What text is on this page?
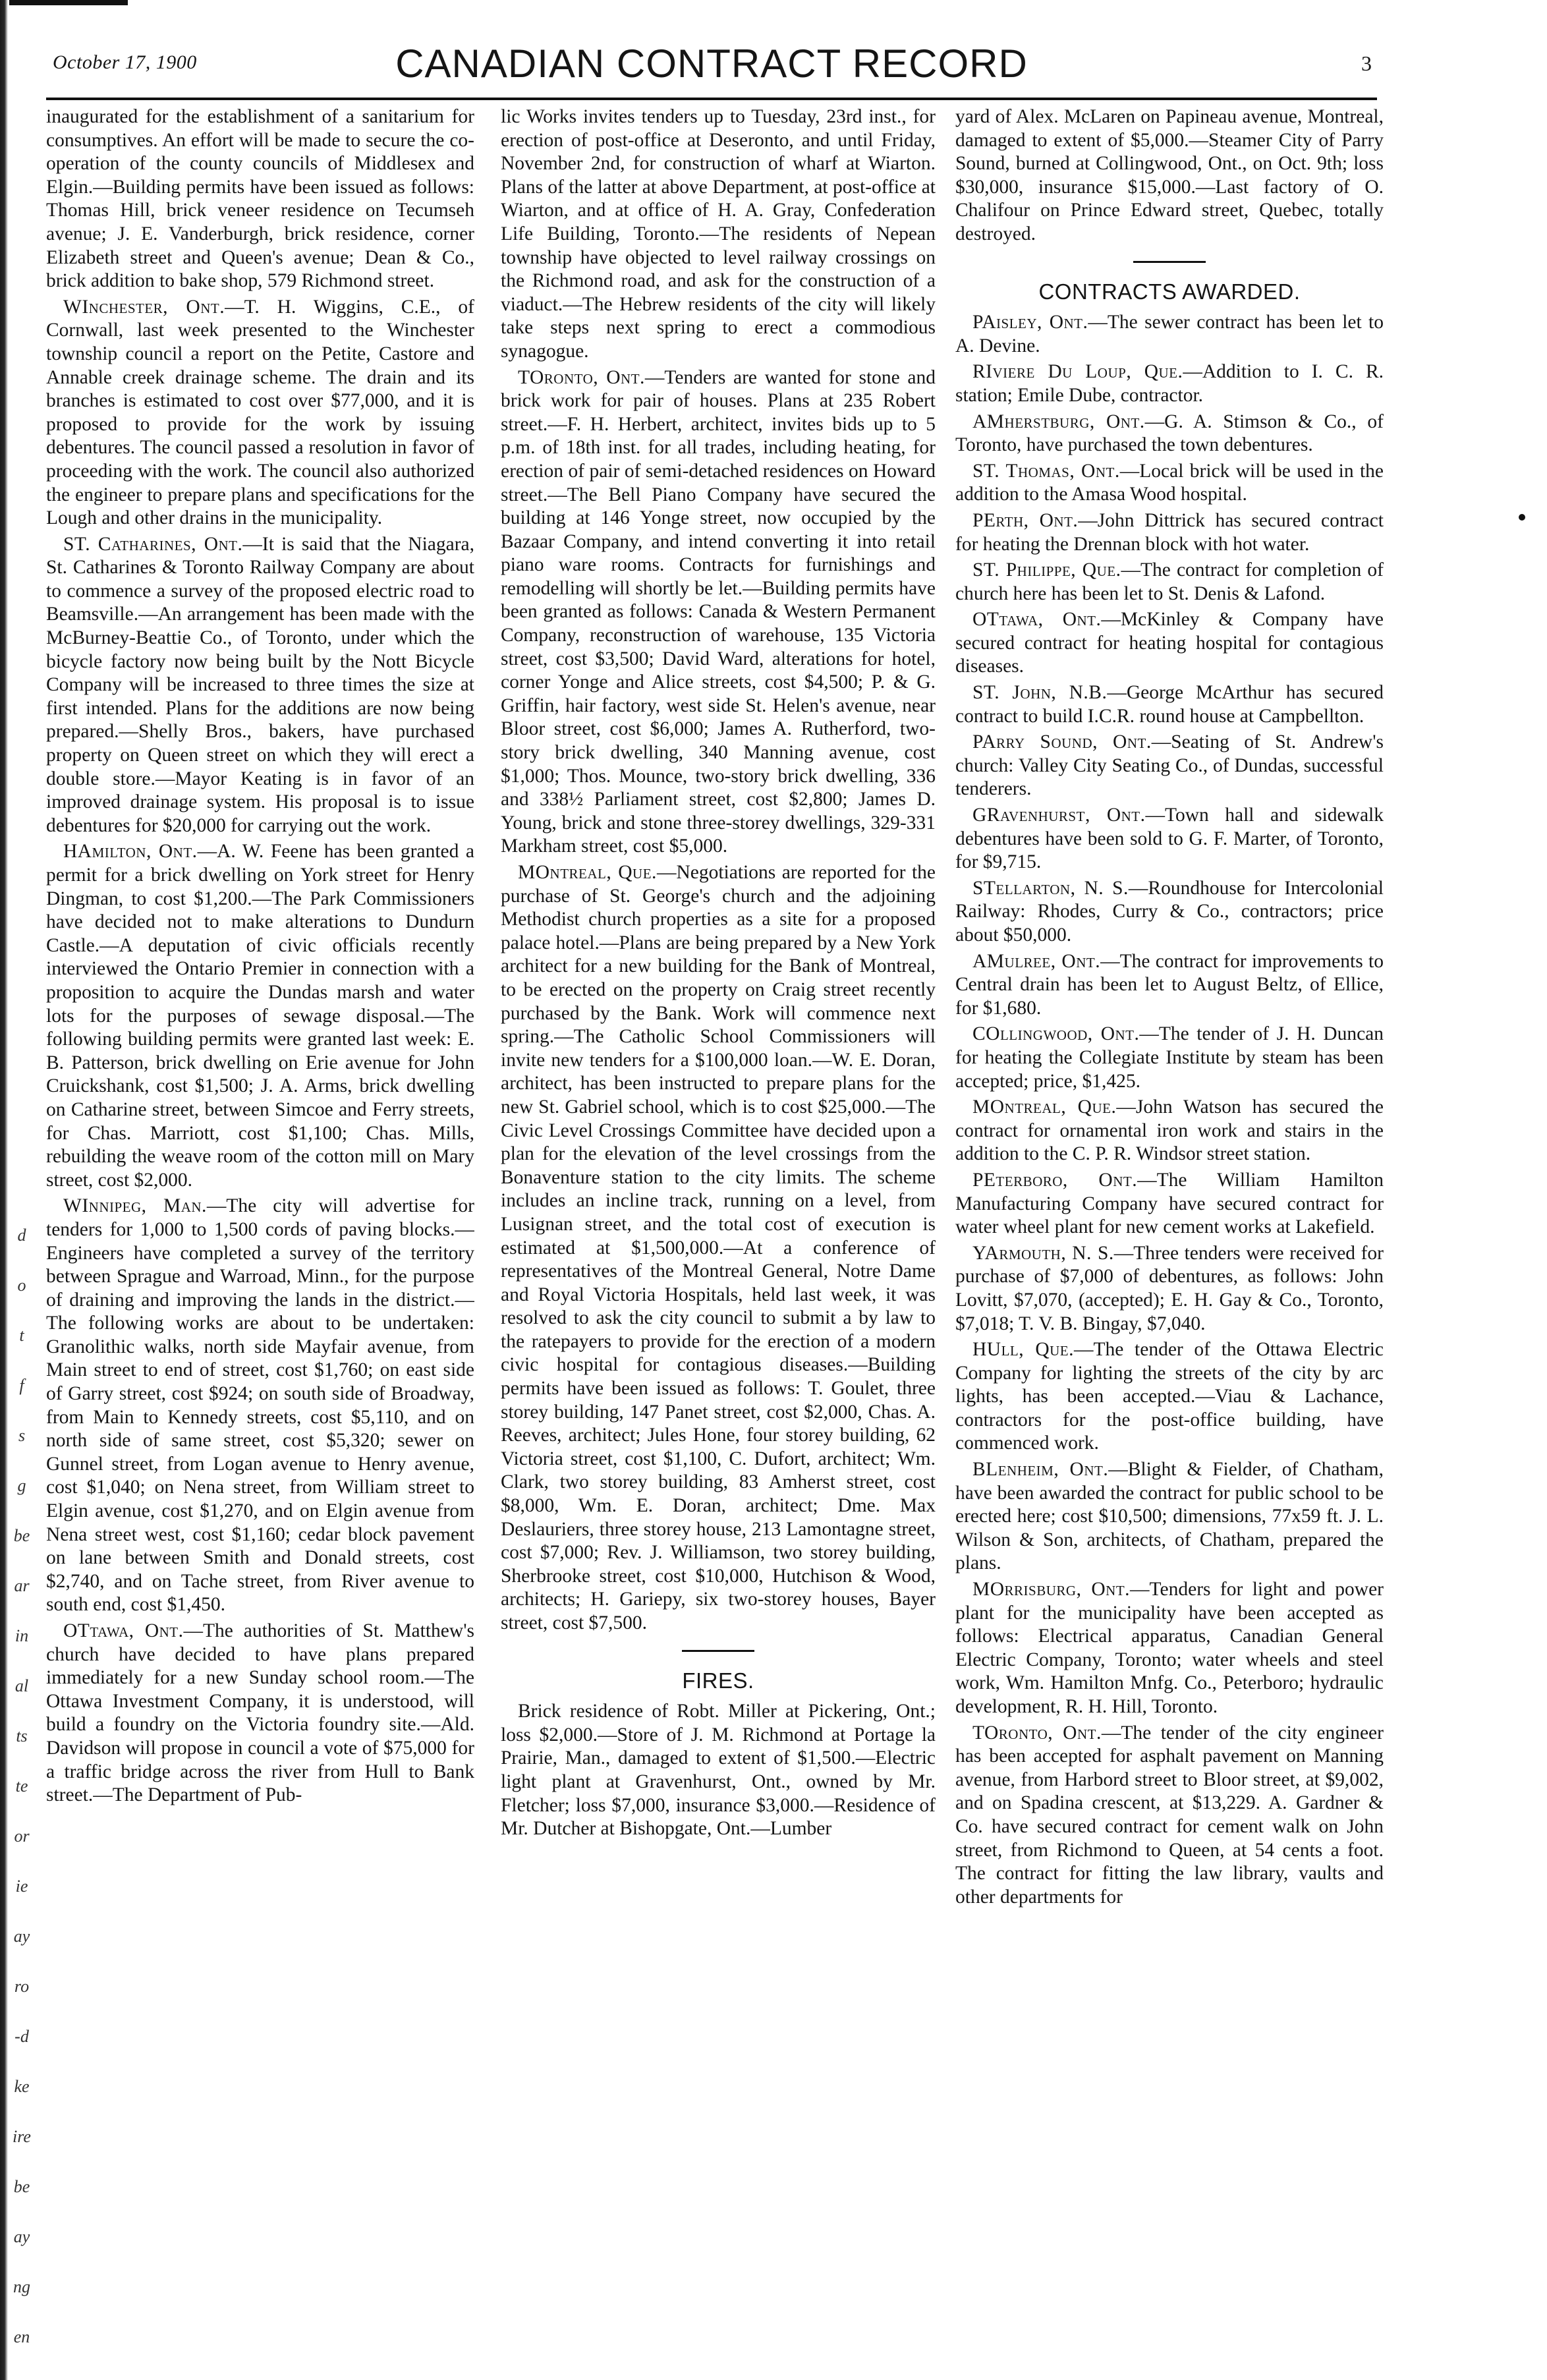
October 17, 1900	CANADIAN CONTRACT RECORD	3
d
o
t
f
s
g
be
ar
in
al
ts
te
or
ie
ay
ro
-d
ke
ire
be
ay
ng
en

inaugurated for the establishment of a sanitarium for consumptives. An effort will be made to secure the co-operation of the county councils of Middlesex and Elgin.—Building permits have been issued as follows: Thomas Hill, brick veneer residence on Tecumseh avenue; J. E. Vanderburgh, brick residence, corner Elizabeth street and Queen's avenue; Dean & Co., brick addition to bake shop, 579 Richmond street.

WInchester, Ont.—T. H. Wiggins, C.E., of Cornwall, last week presented to the Winchester township council a report on the Petite, Castore and Annable creek drainage scheme. The drain and its branches is estimated to cost over $77,000, and it is proposed to provide for the work by issuing debentures. The council passed a resolution in favor of proceeding with the work. The council also authorized the engineer to prepare plans and specifications for the Lough and other drains in the municipality.

ST. Catharines, Ont.—It is said that the Niagara, St. Catharines & Toronto Railway Company are about to commence a survey of the proposed electric road to Beamsville.—An arrangement has been made with the McBurney-Beattie Co., of Toronto, under which the bicycle factory now being built by the Nott Bicycle Company will be increased to three times the size at first intended. Plans for the additions are now being prepared.—Shelly Bros., bakers, have purchased property on Queen street on which they will erect a double store.—Mayor Keating is in favor of an improved drainage system. His proposal is to issue debentures for $20,000 for carrying out the work.

HAmilton, Ont.—A. W. Feene has been granted a permit for a brick dwelling on York street for Henry Dingman, to cost $1,200.—The Park Commissioners have decided not to make alterations to Dundurn Castle.—A deputation of civic officials recently interviewed the Ontario Premier in connection with a proposition to acquire the Dundas marsh and water lots for the purposes of sewage disposal.—The following building permits were granted last week: E. B. Patterson, brick dwelling on Erie avenue for John Cruickshank, cost $1,500; J. A. Arms, brick dwelling on Catharine street, between Simcoe and Ferry streets, for Chas. Marriott, cost $1,100; Chas. Mills, rebuilding the weave room of the cotton mill on Mary street, cost $2,000.

WInnipeg, Man.—The city will advertise for tenders for 1,000 to 1,500 cords of paving blocks.—Engineers have completed a survey of the territory between Sprague and Warroad, Minn., for the purpose of draining and improving the lands in the district.—The following works are about to be undertaken: Granolithic walks, north side Mayfair avenue, from Main street to end of street, cost $1,760; on east side of Garry street, cost $924; on south side of Broadway, from Main to Kennedy streets, cost $5,110, and on north side of same street, cost $5,320; sewer on Gunnel street, from Logan avenue to Henry avenue, cost $1,040; on Nena street, from William street to Elgin avenue, cost $1,270, and on Elgin avenue from Nena street west, cost $1,160; cedar block pavement on lane between Smith and Donald streets, cost $2,740, and on Tache street, from River avenue to south end, cost $1,450.

OTtawa, Ont.—The authorities of St. Matthew's church have decided to have plans prepared immediately for a new Sunday school room.—The Ottawa Investment Company, it is understood, will build a foundry on the Victoria foundry site.—Ald. Davidson will propose in council a vote of $75,000 for a traffic bridge across the river from Hull to Bank street.—The Department of Pub-

lic Works invites tenders up to Tuesday, 23rd inst., for erection of post-office at Deseronto, and until Friday, November 2nd, for construction of wharf at Wiarton. Plans of the latter at above Department, at post-office at Wiarton, and at office of H. A. Gray, Confederation Life Building, Toronto.—The residents of Nepean township have objected to level railway crossings on the Richmond road, and ask for the construction of a viaduct.—The Hebrew residents of the city will likely take steps next spring to erect a commodious synagogue.

TOronto, Ont.—Tenders are wanted for stone and brick work for pair of houses. Plans at 235 Robert street.—F. H. Herbert, architect, invites bids up to 5 p.m. of 18th inst. for all trades, including heating, for erection of pair of semi-detached residences on Howard street.—The Bell Piano Company have secured the building at 146 Yonge street, now occupied by the Bazaar Company, and intend converting it into retail piano ware rooms. Contracts for furnishings and remodelling will shortly be let.—Building permits have been granted as follows: Canada & Western Permanent Company, reconstruction of warehouse, 135 Victoria street, cost $3,500; David Ward, alterations for hotel, corner Yonge and Alice streets, cost $4,500; P. & G. Griffin, hair factory, west side St. Helen's avenue, near Bloor street, cost $6,000; James A. Rutherford, two-story brick dwelling, 340 Manning avenue, cost $1,000; Thos. Mounce, two-story brick dwelling, 336 and 338½ Parliament street, cost $2,800; James D. Young, brick and stone three-storey dwellings, 329-331 Markham street, cost $5,000.

MOntreal, Que.—Negotiations are reported for the purchase of St. George's church and the adjoining Methodist church properties as a site for a proposed palace hotel.—Plans are being prepared by a New York architect for a new building for the Bank of Montreal, to be erected on the property on Craig street recently purchased by the Bank. Work will commence next spring.—The Catholic School Commissioners will invite new tenders for a $100,000 loan.—W. E. Doran, architect, has been instructed to prepare plans for the new St. Gabriel school, which is to cost $25,000.—The Civic Level Crossings Committee have decided upon a plan for the elevation of the level crossings from the Bonaventure station to the city limits. The scheme includes an incline track, running on a level, from Lusignan street, and the total cost of execution is estimated at $1,500,000.—At a conference of representatives of the Montreal General, Notre Dame and Royal Victoria Hospitals, held last week, it was resolved to ask the city council to submit a by law to the ratepayers to provide for the erection of a modern civic hospital for contagious diseases.—Building permits have been issued as follows: T. Goulet, three storey building, 147 Panet street, cost $2,000, Chas. A. Reeves, architect; Jules Hone, four storey building, 62 Victoria street, cost $1,100, C. Dufort, architect; Wm. Clark, two storey building, 83 Amherst street, cost $8,000, Wm. E. Doran, architect; Dme. Max Deslauriers, three storey house, 213 Lamontagne street, cost $7,000; Rev. J. Williamson, two storey building, Sherbrooke street, cost $10,000, Hutchison & Wood, architects; H. Gariepy, six two-storey houses, Bayer street, cost $7,500.

FIRES.

Brick residence of Robt. Miller at Pickering, Ont.; loss $2,000.—Store of J. M. Richmond at Portage la Prairie, Man., damaged to extent of $1,500.—Electric light plant at Gravenhurst, Ont., owned by Mr. Fletcher; loss $7,000, insurance $3,000.—Residence of Mr. Dutcher at Bishopgate, Ont.—Lumber

yard of Alex. McLaren on Papineau avenue, Montreal, damaged to extent of $5,000.—Steamer City of Parry Sound, burned at Collingwood, Ont., on Oct. 9th; loss $30,000, insurance $15,000.—Last factory of O. Chalifour on Prince Edward street, Quebec, totally destroyed.

CONTRACTS AWARDED.

PAisley, Ont.—The sewer contract has been let to A. Devine.

RIviere Du Loup, Que.—Addition to I. C. R. station; Emile Dube, contractor.

AMherstburg, Ont.—G. A. Stimson & Co., of Toronto, have purchased the town debentures.

ST. Thomas, Ont.—Local brick will be used in the addition to the Amasa Wood hospital.

PErth, Ont.—John Dittrick has secured contract for heating the Drennan block with hot water.

ST. Philippe, Que.—The contract for completion of church here has been let to St. Denis & Lafond.

OTtawa, Ont.—McKinley & Company have secured contract for heating hospital for contagious diseases.

ST. John, N.B.—George McArthur has secured contract to build I.C.R. round house at Campbellton.

PArry Sound, Ont.—Seating of St. Andrew's church: Valley City Seating Co., of Dundas, successful tenderers.

GRavenhurst, Ont.—Town hall and sidewalk debentures have been sold to G. F. Marter, of Toronto, for $9,715.

STellarton, N. S.—Roundhouse for Intercolonial Railway: Rhodes, Curry & Co., contractors; price about $50,000.

AMulree, Ont.—The contract for improvements to Central drain has been let to August Beltz, of Ellice, for $1,680.

COllingwood, Ont.—The tender of J. H. Duncan for heating the Collegiate Institute by steam has been accepted; price, $1,425.

MOntreal, Que.—John Watson has secured the contract for ornamental iron work and stairs in the addition to the C. P. R. Windsor street station.

PEterboro, Ont.—The William Hamilton Manufacturing Company have secured contract for water wheel plant for new cement works at Lakefield.

YArmouth, N. S.—Three tenders were received for purchase of $7,000 of debentures, as follows: John Lovitt, $7,070, (accepted); E. H. Gay & Co., Toronto, $7,018; T. V. B. Bingay, $7,040.

HUll, Que.—The tender of the Ottawa Electric Company for lighting the streets of the city by arc lights, has been accepted.—Viau & Lachance, contractors for the post-office building, have commenced work.

BLenheim, Ont.—Blight & Fielder, of Chatham, have been awarded the contract for public school to be erected here; cost $10,500; dimensions, 77x59 ft. J. L. Wilson & Son, architects, of Chatham, prepared the plans.

MOrrisburg, Ont.—Tenders for light and power plant for the municipality have been accepted as follows: Electrical apparatus, Canadian General Electric Company, Toronto; water wheels and steel work, Wm. Hamilton Mnfg. Co., Peterboro; hydraulic development, R. H. Hill, Toronto.

TOronto, Ont.—The tender of the city engineer has been accepted for asphalt pavement on Manning avenue, from Harbord street to Bloor street, at $9,002, and on Spadina crescent, at $13,229. A. Gardner & Co. have secured contract for cement walk on John street, from Richmond to Queen, at 54 cents a foot. The contract for fitting the law library, vaults and other departments for
